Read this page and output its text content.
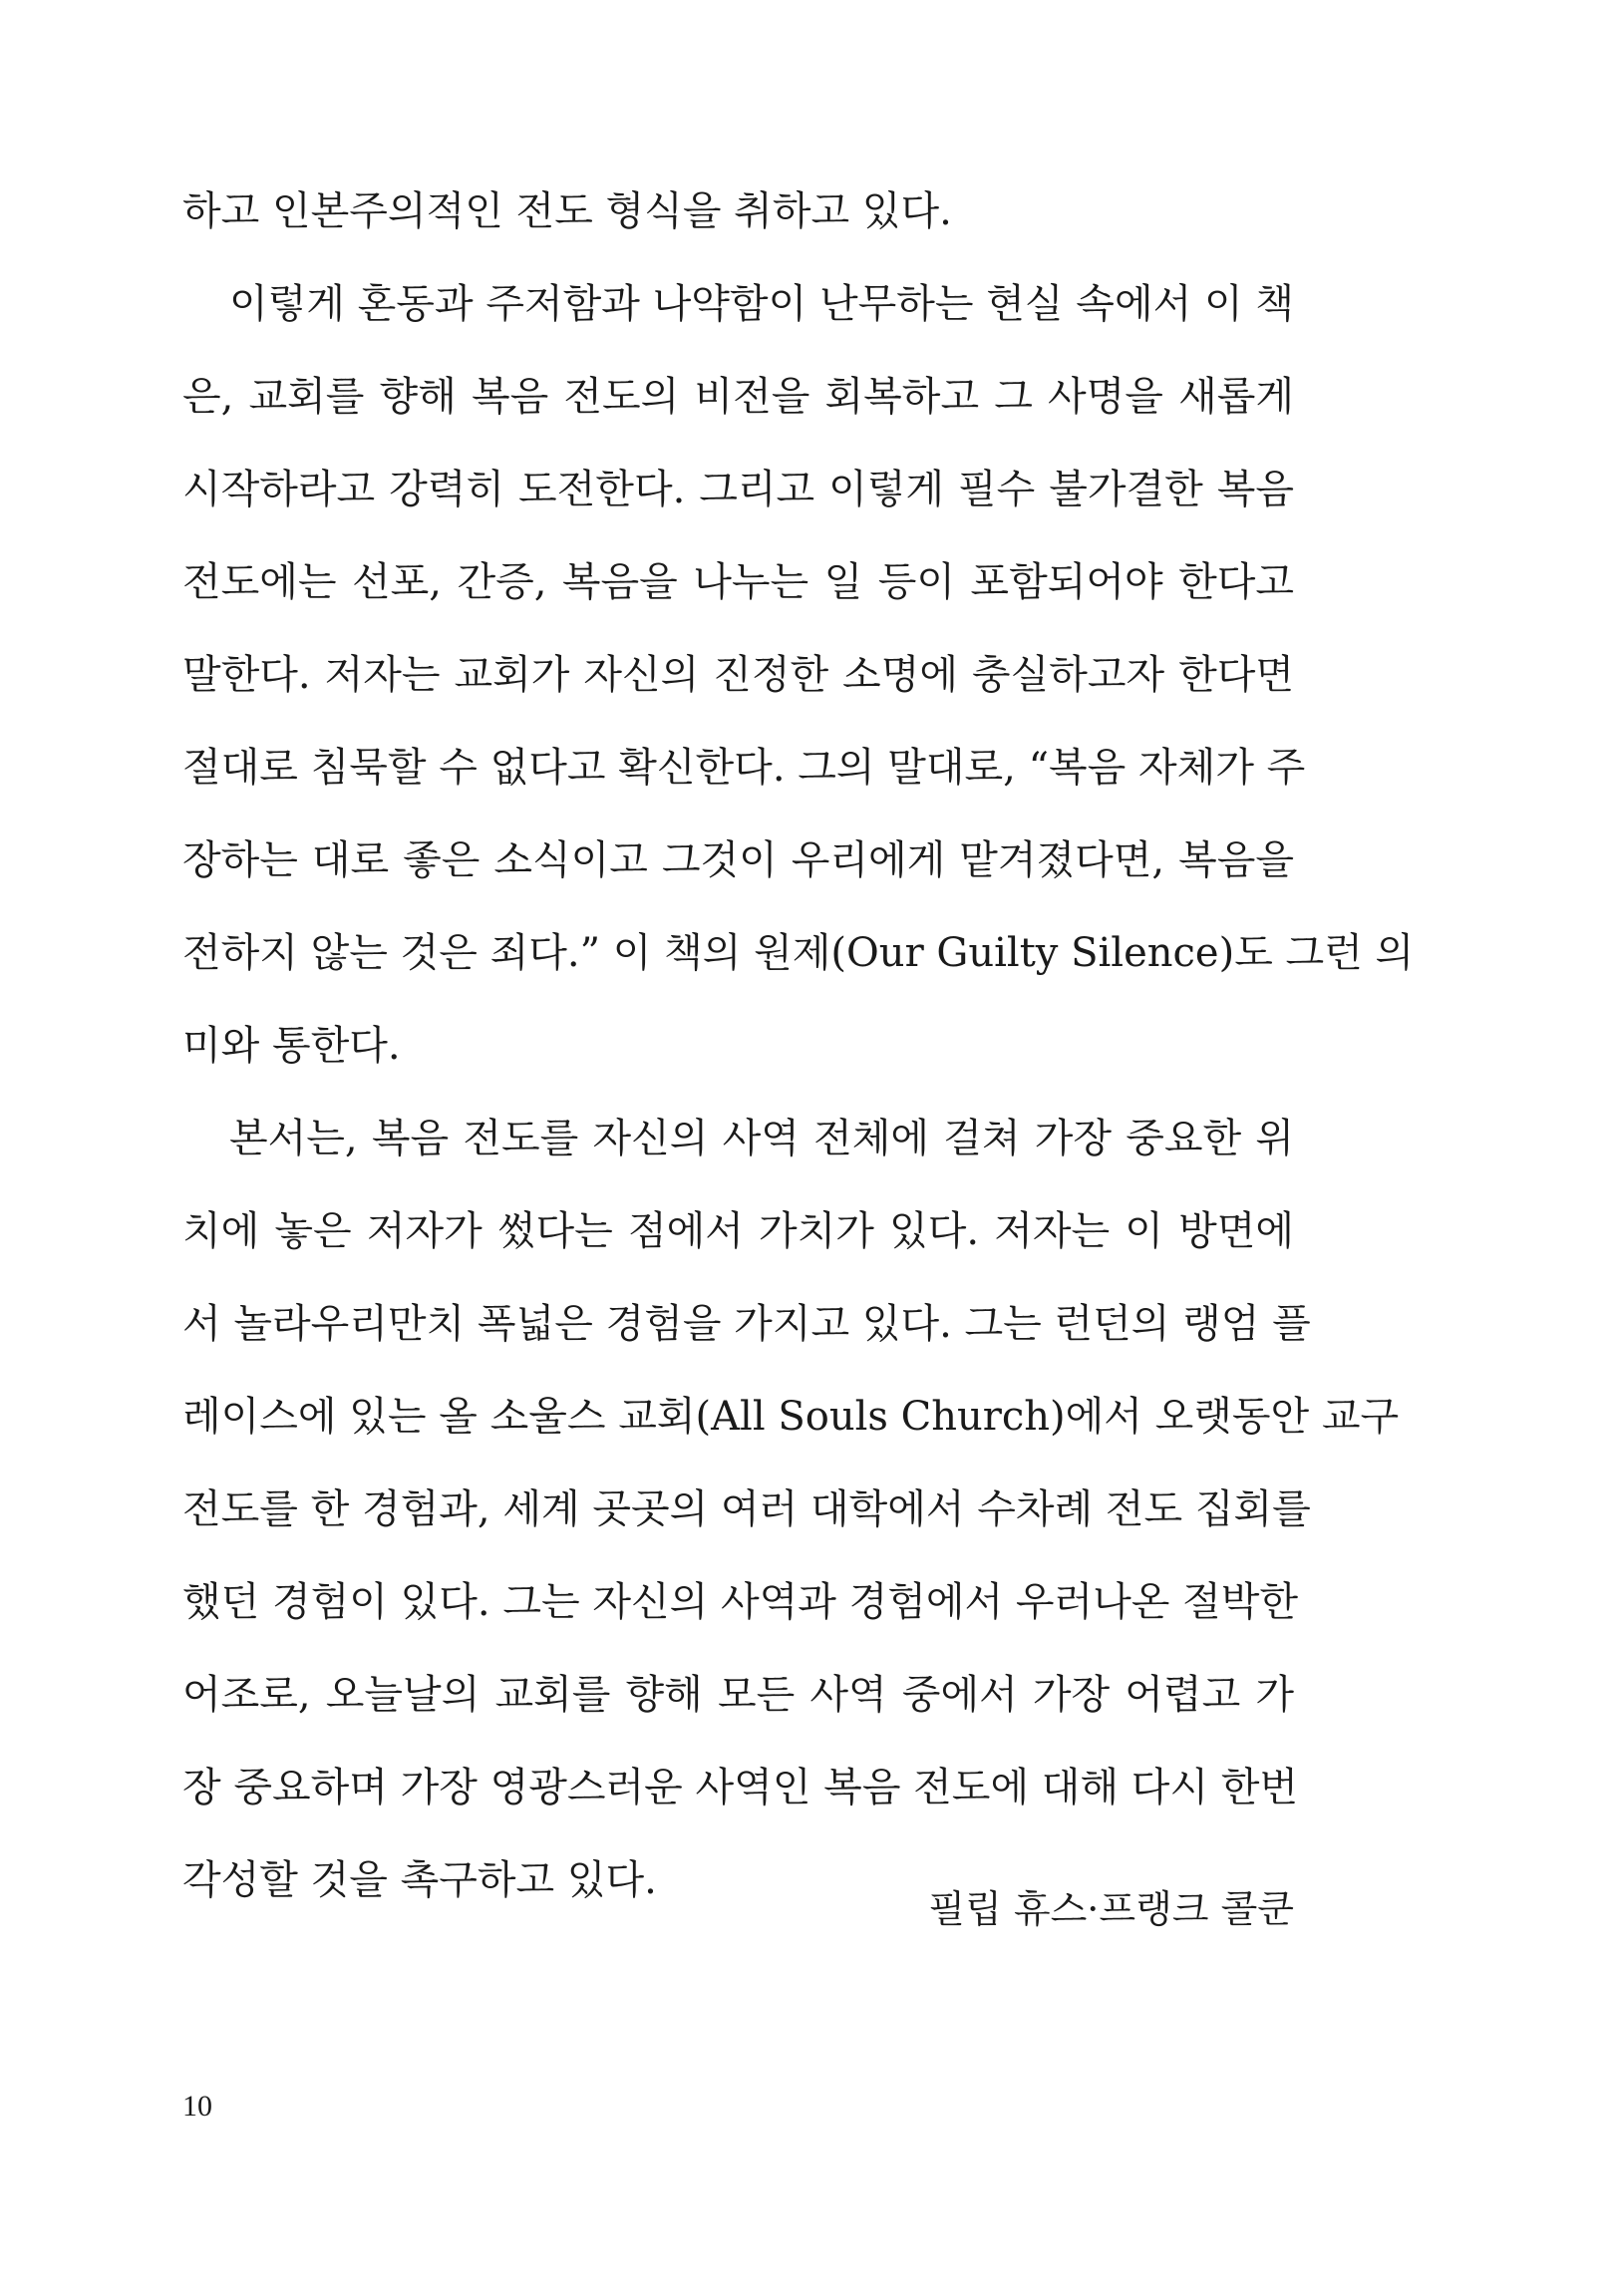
하고 인본주의적인 전도 형식을 취하고 있다.
이렇게 혼동과 주저함과 나약함이 난무하는 현실 속에서 이 책
은, 교회를 향해 복음 전도의 비전을 회복하고 그 사명을 새롭게
시작하라고 강력히 도전한다. 그리고 이렇게 필수 불가결한 복음
전도에는 선포, 간증, 복음을 나누는 일 등이 포함되어야 한다고
말한다. 저자는 교회가 자신의 진정한 소명에 충실하고자 한다면
절대로 침묵할 수 없다고 확신한다. 그의 말대로, “복음 자체가 주
장하는 대로 좋은 소식이고 그것이 우리에게 맡겨졌다면, 복음을
전하지 않는 것은 죄다.” 이 책의 원제(Our Guilty Silence)도 그런 의
미와 통한다.
본서는, 복음 전도를 자신의 사역 전체에 걸쳐 가장 중요한 위
치에 놓은 저자가 썼다는 점에서 가치가 있다. 저자는 이 방면에
서 놀라우리만치 폭넓은 경험을 가지고 있다. 그는 런던의 랭엄 플
레이스에 있는 올 소울스 교회(All Souls Church)에서 오랫동안 교구
전도를 한 경험과, 세계 곳곳의 여러 대학에서 수차례 전도 집회를
했던 경험이 있다. 그는 자신의 사역과 경험에서 우러나온 절박한
어조로, 오늘날의 교회를 향해 모든 사역 중에서 가장 어렵고 가
장 중요하며 가장 영광스러운 사역인 복음 전도에 대해 다시 한번
각성할 것을 촉구하고 있다.
필립 휴스·프랭크 콜쿤
10
